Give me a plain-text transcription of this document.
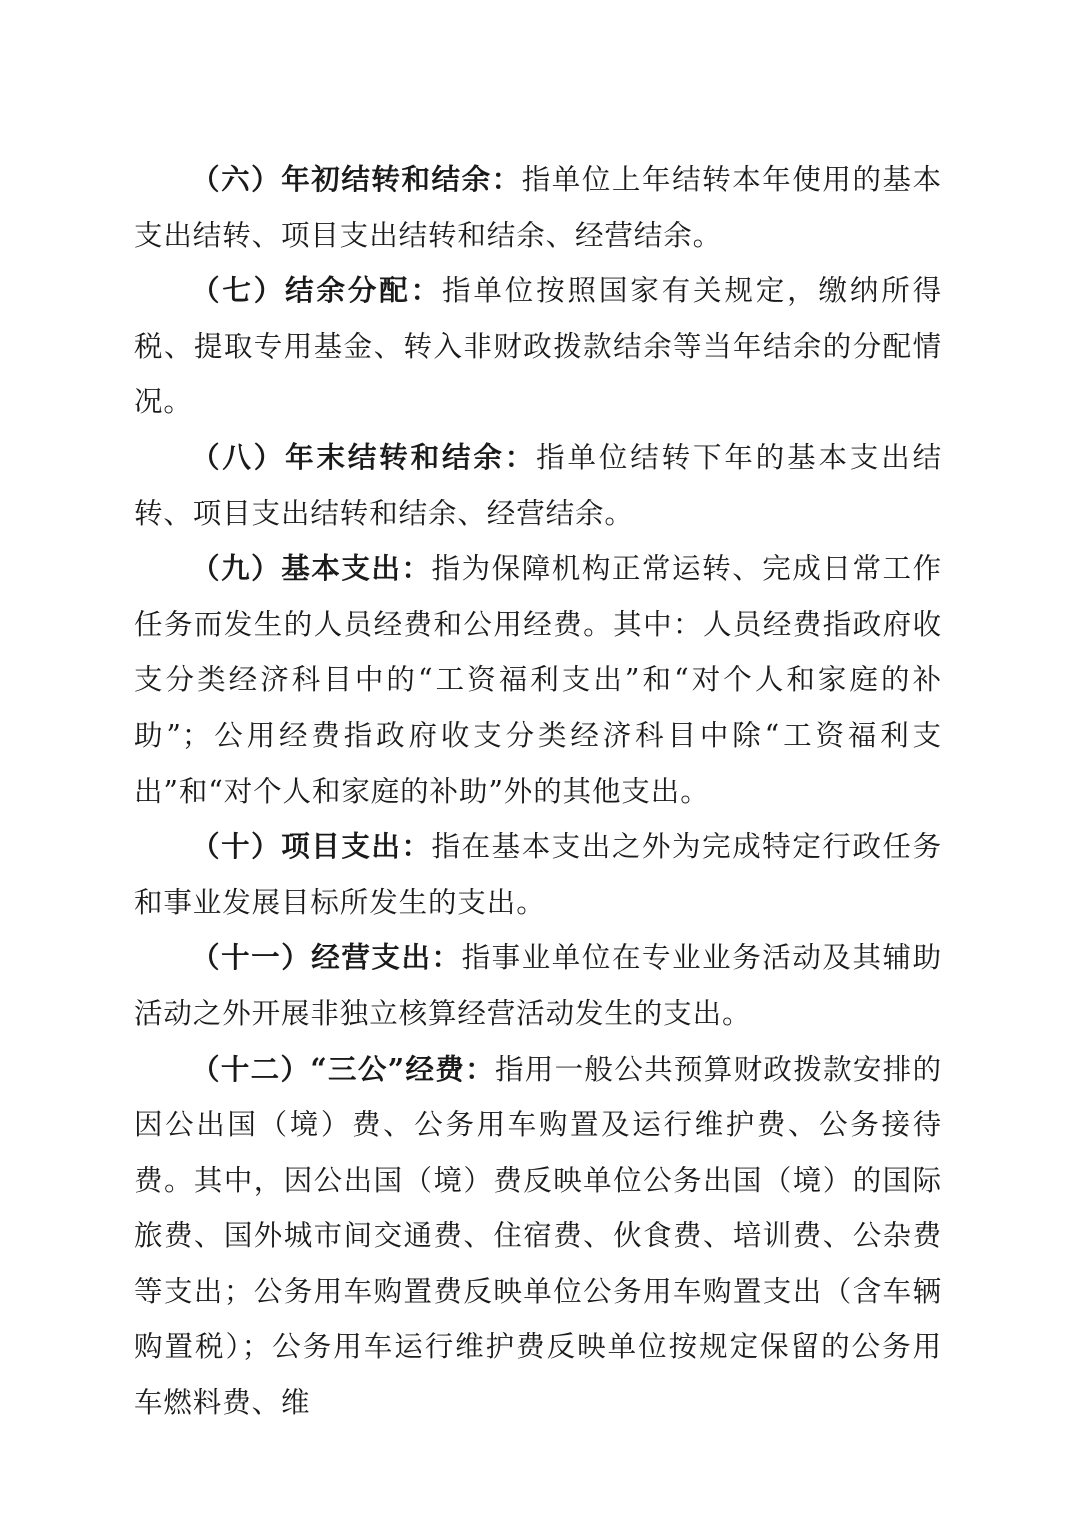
（六）年初结转和结余：指单位上年结转本年使用的基本支出结转、项目支出结转和结余、经营结余。

（七）结余分配：指单位按照国家有关规定，缴纳所得税、提取专用基金、转入非财政拨款结余等当年结余的分配情况。

（八）年末结转和结余：指单位结转下年的基本支出结转、项目支出结转和结余、经营结余。

（九）基本支出：指为保障机构正常运转、完成日常工作任务而发生的人员经费和公用经费。其中：人员经费指政府收支分类经济科目中的“工资福利支出”和“对个人和家庭的补助”；公用经费指政府收支分类经济科目中除“工资福利支出”和“对个人和家庭的补助”外的其他支出。

（十）项目支出：指在基本支出之外为完成特定行政任务和事业发展目标所发生的支出。

（十一）经营支出：指事业单位在专业业务活动及其辅助活动之外开展非独立核算经营活动发生的支出。

（十二）“三公”经费：指用一般公共预算财政拨款安排的因公出国（境）费、公务用车购置及运行维护费、公务接待费。其中，因公出国（境）费反映单位公务出国（境）的国际旅费、国外城市间交通费、住宿费、伙食费、培训费、公杂费等支出；公务用车购置费反映单位公务用车购置支出（含车辆购置税）；公务用车运行维护费反映单位按规定保留的公务用车燃料费、维
